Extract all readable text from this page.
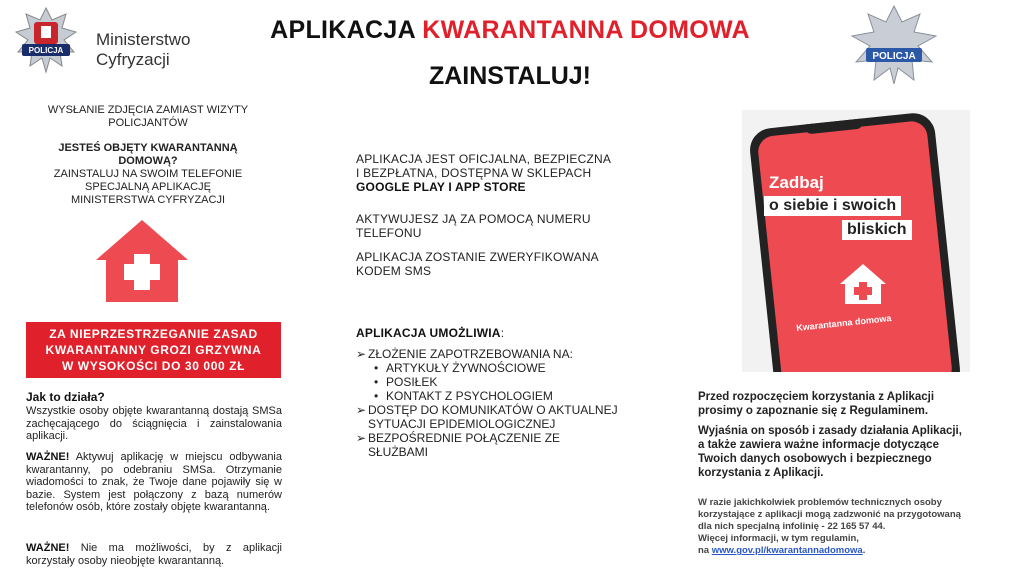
POLICJA
Ministerstwo
Cyfryzacji
APLIKACJA KWARANTANNA DOMOWA
ZAINSTALUJ!
POLICJA
WYSŁANIE ZDJĘCIA ZAMIAST WIZYTY
POLICJANTÓW
JESTEŚ OBJĘTY KWARANTANNĄ
DOMOWĄ?
ZAINSTALUJ NA SWOIM TELEFONIE
SPECJALNĄ APLIKACJĘ
MINISTERSTWA CYFRYZACJI
ZA NIEPRZESTRZEGANIE ZASAD
KWARANTANNY GROZI GRZYWNA
W WYSOKOŚCI DO 30 000 ZŁ
Jak to działa?
Wszystkie osoby objęte kwarantanną dostają SMSa zachęcającego do ściągnięcia i zainstalowania aplikacji.
WAŻNE! Aktywuj aplikację w miejscu odbywania kwarantanny, po odebraniu SMSa. Otrzymanie wiadomości to znak, że Twoje dane pojawiły się w bazie. System jest połączony z bazą numerów telefonów osób, które zostały objęte kwarantanną.
WAŻNE! Nie ma możliwości, by z aplikacji korzystały osoby nieobjęte kwarantanną.
APLIKACJA JEST OFICJALNA, BEZPIECZNA
I BEZPŁATNA, DOSTĘPNA W SKLEPACH
GOOGLE PLAY I APP STORE
AKTYWUJESZ JĄ ZA POMOCĄ NUMERU
TELEFONU
APLIKACJA ZOSTANIE ZWERYFIKOWANA
KODEM SMS
APLIKACJA UMOŻLIWIA:
➢ ZŁOŻENIE ZAPOTRZEBOWANIA NA:
• ARTYKUŁY ŻYWNOŚCIOWE
• POSIŁEK
• KONTAKT Z PSYCHOLOGIEM
➢ DOSTĘP DO KOMUNIKATÓW O AKTUALNEJ
SYTUACJI EPIDEMIOLOGICZNEJ
➢ BEZPOŚREDNIE POŁĄCZENIE ZE
SŁUŻBAMI
Zadbaj
o siebie i swoich
bliskich
Kwarantanna domowa
Przed rozpoczęciem korzystania z Aplikacji
prosimy o zapoznanie się z Regulaminem.
Wyjaśnia on sposób i zasady działania Aplikacji,
a także zawiera ważne informacje dotyczące
Twoich danych osobowych i bezpiecznego
korzystania z Aplikacji.
W razie jakichkolwiek problemów technicznych osoby
korzystające z aplikacji mogą zadzwonić na przygotowaną
dla nich specjalną infolinię - 22 165 57 44.
Więcej informacji, w tym regulamin,
na www.gov.pl/kwarantannadomowa.
